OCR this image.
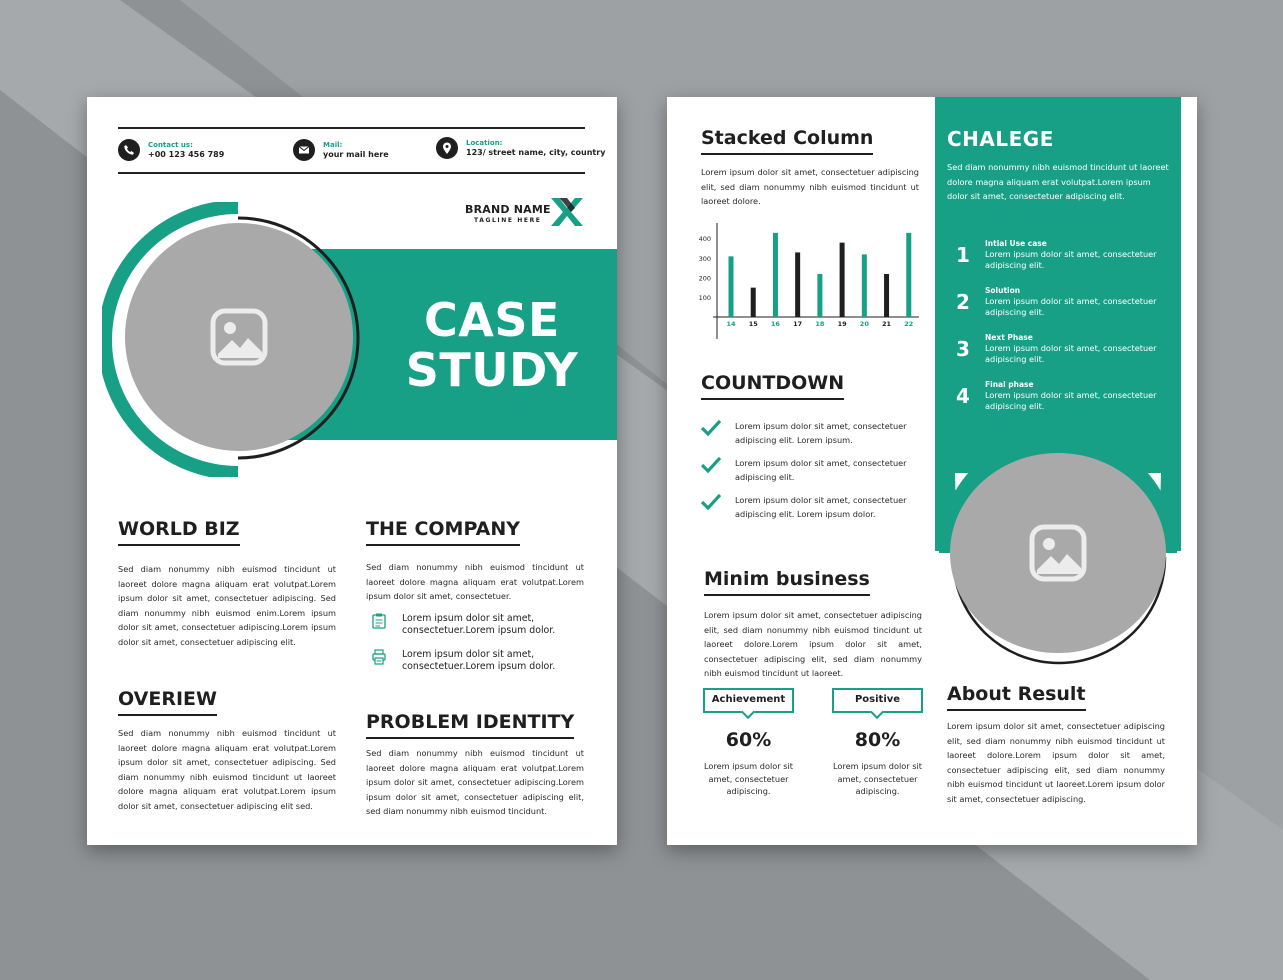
Contact us:
+00 123 456 789
Mail:
your mail here
Location:
123/ street name, city, country
BRAND NAME
TAGLINE HERE
CASE
STUDY
WORLD BIZ
Sed diam nonummy nibh euismod tincidunt ut laoreet dolore magna aliquam erat volutpat.Lorem ipsum dolor sit amet, consectetuer adipiscing. Sed diam nonummy nibh euismod enim.Lorem ipsum dolor sit amet, consectetuer adipiscing.Lorem ipsum dolor sit amet, consectetuer adipiscing elit.
THE COMPANY
Sed diam nonummy nibh euismod tincidunt ut laoreet dolore magna aliquam erat volutpat.Lorem ipsum dolor sit amet, consectetuer.
Lorem ipsum dolor sit amet,
consectetuer.Lorem ipsum dolor.
Lorem ipsum dolor sit amet,
consectetuer.Lorem ipsum dolor.
OVERIEW
Sed diam nonummy nibh euismod tincidunt ut laoreet dolore magna aliquam erat volutpat.Lorem ipsum dolor sit amet, consectetuer adipiscing. Sed diam nonummy nibh euismod tincidunt ut laoreet dolore magna aliquam erat volutpat.Lorem ipsum dolor sit amet, consectetuer adipiscing elit sed.
PROBLEM IDENTITY
Sed diam nonummy nibh euismod tincidunt ut laoreet dolore magna aliquam erat volutpat.Lorem ipsum dolor sit amet, consectetuer adipiscing.Lorem ipsum dolor sit amet, consectetuer adipiscing elit, sed diam nonummy nibh euismod tincidunt.
Stacked Column
Lorem ipsum dolor sit amet, consectetuer adipiscing elit, sed diam nonummy nibh euismod tincidunt ut laoreet dolore.
400
300
200
100
14 15 16 17 18 19 20 21 22
COUNTDOWN
Lorem ipsum dolor sit amet, consectetuer
adipiscing elit. Lorem ipsum.
Lorem ipsum dolor sit amet, consectetuer
adipiscing elit.
Lorem ipsum dolor sit amet, consectetuer
adipiscing elit. Lorem ipsum dolor.
Minim business
Lorem ipsum dolor sit amet, consectetuer adipiscing elit, sed diam nonummy nibh euismod tincidunt ut laoreet dolore.Lorem ipsum dolor sit amet, consectetuer adipiscing elit, sed diam nonummy nibh euismod tincidunt ut laoreet.
Achievement
60%
Lorem ipsum dolor sit
amet, consectetuer
adipiscing.
Positive
80%
Lorem ipsum dolor sit
amet, consectetuer
adipiscing.
CHALEGE
Sed diam nonummy nibh euismod tincidunt ut laoreet dolore magna aliquam erat volutpat.Lorem ipsum dolor sit amet, consectetuer adipiscing elit.
1 Intial Use case
Lorem ipsum dolor sit amet, consectetuer
adipiscing elit.
2 Solution
Lorem ipsum dolor sit amet, consectetuer
adipiscing elit.
3 Next Phase
Lorem ipsum dolor sit amet, consectetuer
adipiscing elit.
4 Final phase
Lorem ipsum dolor sit amet, consectetuer
adipiscing elit.
About Result
Lorem ipsum dolor sit amet, consectetuer adipiscing elit, sed diam nonummy nibh euismod tincidunt ut laoreet dolore.Lorem ipsum dolor sit amet, consectetuer adipiscing elit, sed diam nonummy nibh euismod tincidunt ut laoreet.Lorem ipsum dolor sit amet, consectetuer adipiscing.
